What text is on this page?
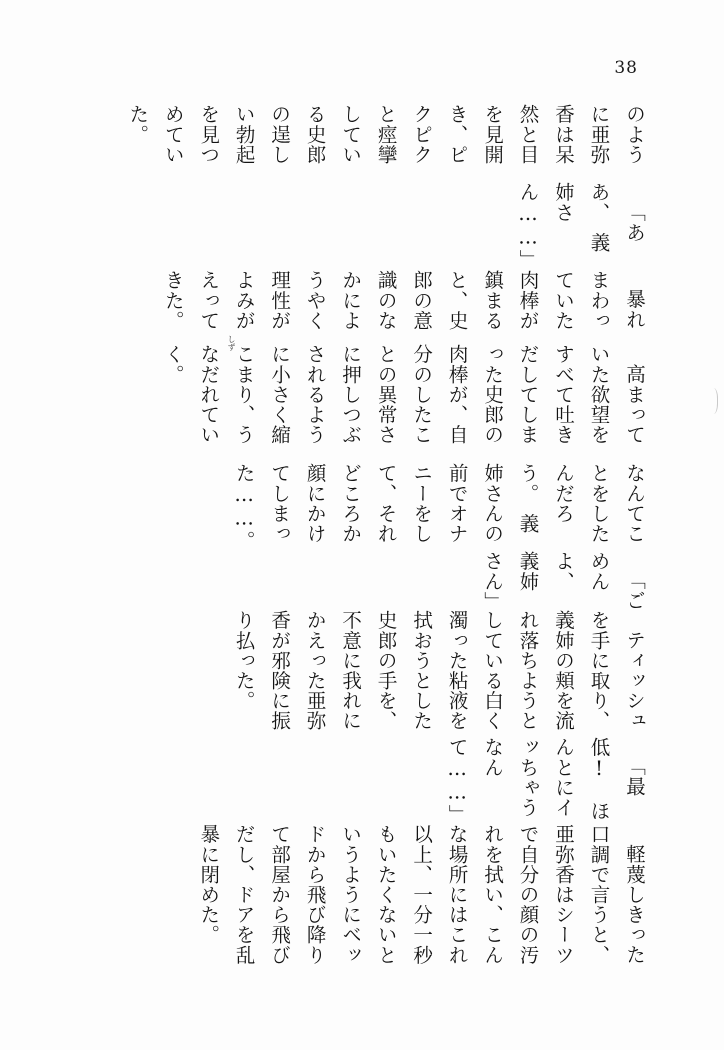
38

のように亜弥香は呆然と目を見開き、ピクピクと痙攣している史郎の逞しい勃起を見つめていた。

「ああ、　義姉さん……」

暴れまわっていた肉棒が鎮まると、史郎の意識のなかにようやく理性がよみがえってきた。

高まっていた欲望をすべて吐きだしてしまった史郎の肉棒が、自分のしたことの異常さに押しつぶされるように小さく縮こまり、うなだれていく。

なんてことをしたんだろう。　義姉さんの前でオナニーをして、それどころか顔にかけてしまった……。

「ごめんよ、　義姉さん」

ティッシュを手に取り、義姉の頬を流れ落ちようとしている白く濁った粘液を拭おうとした史郎の手を、不意に我れにかえった亜弥香が邪険に振り払った。

「最低!　ほんとにイッちゃうなんて……」

軽蔑しきった口調で言うと、亜弥香はシーツで自分の顔の汚れを拭い、こんな場所にはこれ以上、一分一秒もいたくないというようにベッドから飛び降りて部屋から飛びだし、ドアを乱暴に閉めた。

しず
